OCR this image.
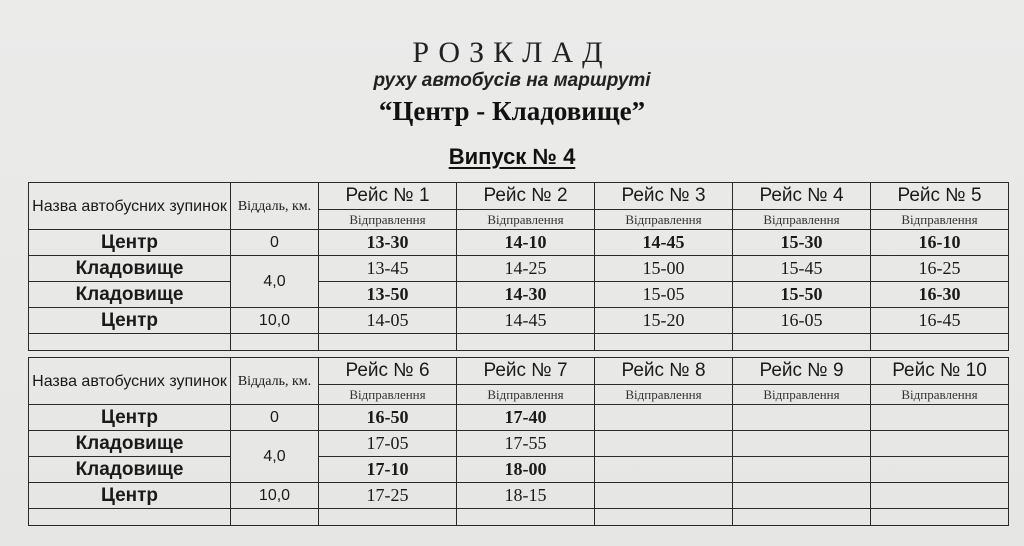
РОЗКЛАД
руху автобусів на маршруті
“Центр - Кладовище”
Випуск № 4
Назва автобусних зупинок	Віддаль, км.	Рейс № 1	Рейс № 2	Рейс № 3	Рейс № 4	Рейс № 5
		Відправлення	Відправлення	Відправлення	Відправлення	Відправлення
Центр	0	13-30	14-10	14-45	15-30	16-10
Кладовище	4,0	13-45	14-25	15-00	15-45	16-25
Кладовище		13-50	14-30	15-05	15-50	16-30
Центр	10,0	14-05	14-45	15-20	16-05	16-45

Назва автобусних зупинок	Віддаль, км.	Рейс № 6	Рейс № 7	Рейс № 8	Рейс № 9	Рейс № 10
		Відправлення	Відправлення	Відправлення	Відправлення	Відправлення
Центр	0	16-50	17-40			
Кладовище	4,0	17-05	17-55			
Кладовище		17-10	18-00			
Центр	10,0	17-25	18-15			
